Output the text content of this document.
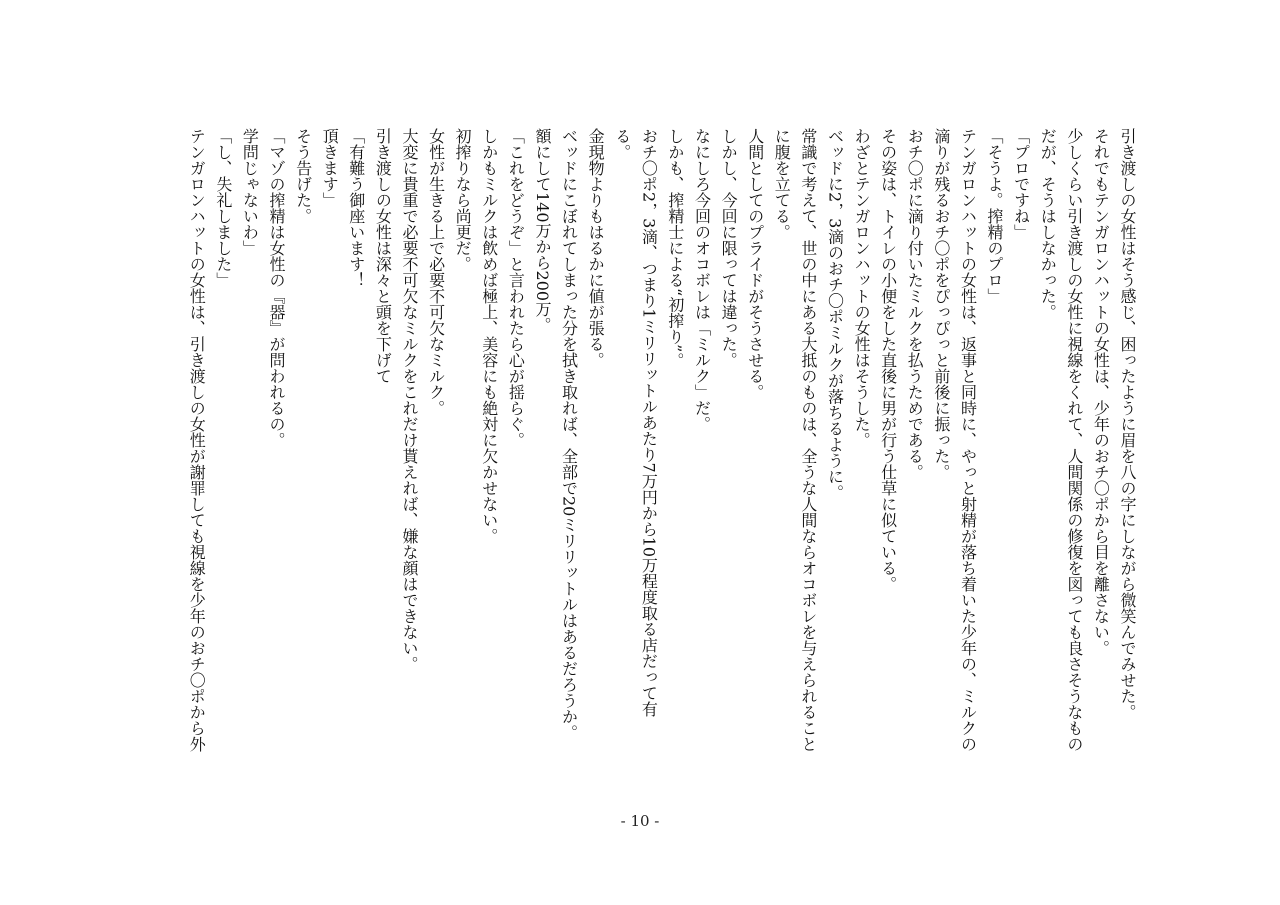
引き渡しの女性はそう感じ、困ったように眉を八の字にしながら微笑んでみせた。

それでもテンガロンハットの女性は、少年のおチ〇ポから目を離さない。

少しくらい引き渡しの女性に視線をくれて、人間関係の修復を図っても良さそうなもの

だが、そうはしなかった。

「プロですね」

「そうよ。搾精のプロ」

テンガロンハットの女性は、返事と同時に、やっと射精が落ち着いた少年の、ミルクの

滴りが残るおチ〇ポをぴっぴっと前後に振った。

おチ〇ポに滴り付いたミルクを払うためである。

その姿は、トイレの小便をした直後に男が行う仕草に似ている。

わざとテンガロンハットの女性はそうした。

ベッドに2，3滴のおチ〇ポミルクが落ちるように。

常識で考えて、世の中にある大抵のものは、全うな人間ならオコボレを与えられること

に腹を立てる。

人間としてのプライドがそうさせる。

しかし、今回に限っては違った。

なにしろ今回のオコボレは「ミルク」だ。

しかも、搾精士による“初搾り”。

おチ〇ポ2，3滴、つまり1ミリリットルあたり7万円から10万程度取る店だって有

る。

金現物よりもはるかに値が張る。

ベッドにこぼれてしまった分を拭き取れば、全部で20ミリリットルはあるだろうか。

額にして140万から200万。

「これをどうぞ」と言われたら心が揺らぐ。

しかもミルクは飲めば極上、美容にも絶対に欠かせない。

初搾りなら尚更だ。

女性が生きる上で必要不可欠なミルク。

大変に貴重で必要不可欠なミルクをこれだけ貰えれば、嫌な顔はできない。

引き渡しの女性は深々と頭を下げて

「有難う御座います！

頂きます」

そう告げた。

「マゾの搾精は女性の『器』が問われるの。

学問じゃないわ」

「し、失礼しました」

テンガロンハットの女性は、引き渡しの女性が謝罪しても視線を少年のおチ〇ポから外

- 10 -
